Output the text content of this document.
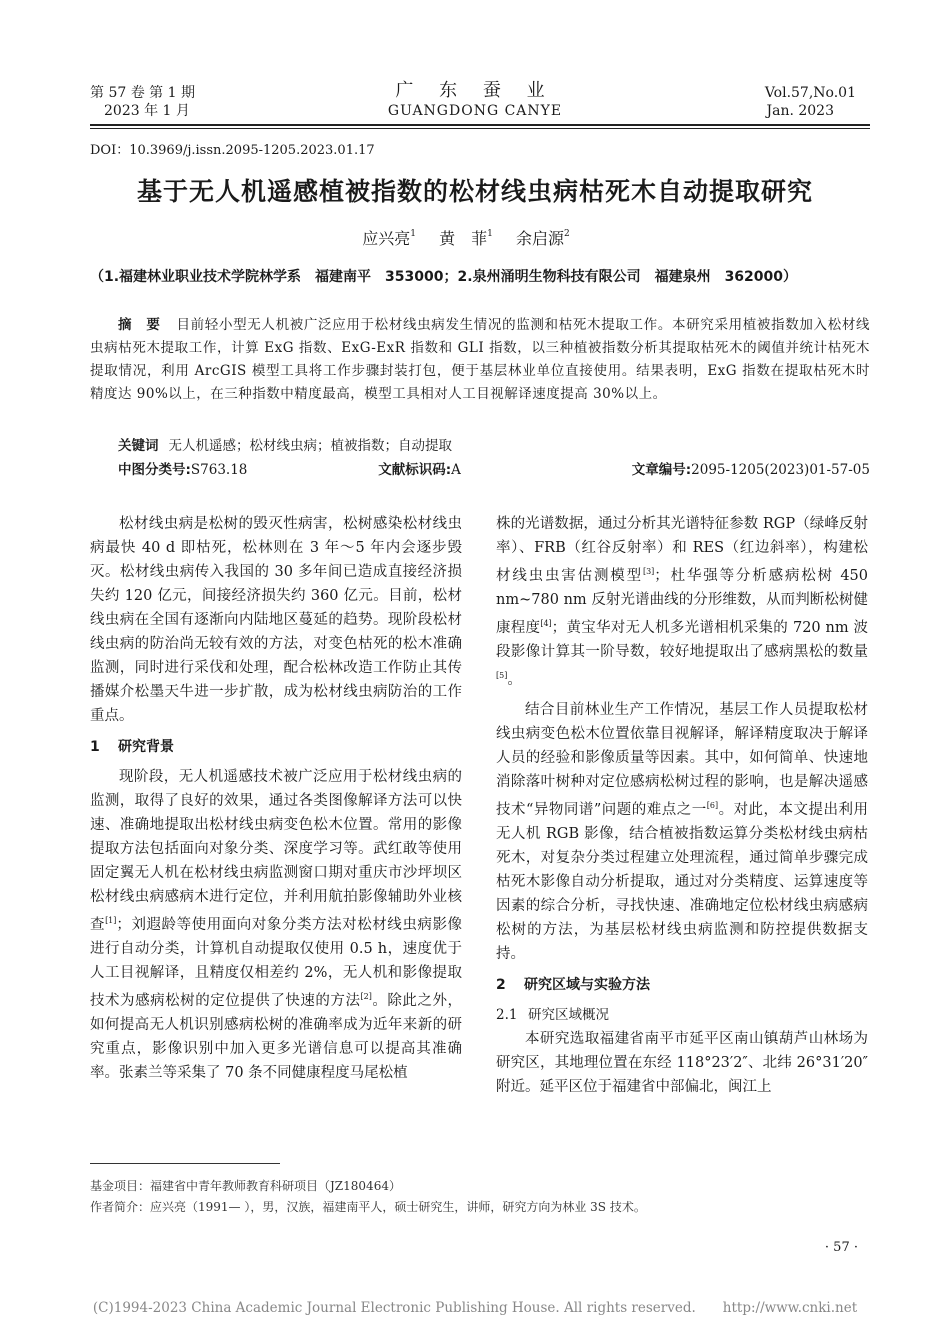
第 57 卷 第 1 期
2023 年 1 月
广 东 蚕 业
GUANGDONG CANYE
Vol.57,No.01
Jan. 2023
DOI：10.3969/j.issn.2095-1205.2023.01.17
基于无人机遥感植被指数的松材线虫病枯死木自动提取研究
应兴亮$^1$ 黄　菲$^1$ 余启源$^2$
（1.福建林业职业技术学院林学系　福建南平　353000；2.泉州涌明生物科技有限公司　福建泉州　362000）
摘　要 目前轻小型无人机被广泛应用于松材线虫病发生情况的监测和枯死木提取工作。本研究采用植被指数加入松材线虫病枯死木提取工作，计算 ExG 指数、ExG-ExR 指数和 GLI 指数，以三种植被指数分析其提取枯死木的阈值并统计枯死木提取情况，利用 ArcGIS 模型工具将工作步骤封装打包，便于基层林业单位直接使用。结果表明，ExG 指数在提取枯死木时精度达 90%以上，在三种指数中精度最高，模型工具相对人工目视解译速度提高 30%以上。
关键词 无人机遥感；松材线虫病；植被指数；自动提取
中图分类号:S763.18	文献标识码:A	文章编号:2095-1205(2023)01-57-05

松材线虫病是松树的毁灭性病害，松树感染松材线虫病最快 40 d 即枯死，松林则在 3 年～5 年内会逐步毁灭。松材线虫病传入我国的 30 多年间已造成直接经济损失约 120 亿元，间接经济损失约 360 亿元。目前，松材线虫病在全国有逐渐向内陆地区蔓延的趋势。现阶段松材线虫病的防治尚无较有效的方法，对变色枯死的松木准确监测，同时进行采伐和处理，配合松林改造工作防止其传播媒介松墨天牛进一步扩散，成为松材线虫病防治的工作重点。

1 研究背景

现阶段，无人机遥感技术被广泛应用于松材线虫病的监测，取得了良好的效果，通过各类图像解译方法可以快速、准确地提取出松材线虫病变色松木位置。常用的影像提取方法包括面向对象分类、深度学习等。武红敢等使用固定翼无人机在松材线虫病监测窗口期对重庆市沙坪坝区松材线虫病感病木进行定位，并利用航拍影像辅助外业核查[1]；刘遐龄等使用面向对象分类方法对松材线虫病影像进行自动分类，计算机自动提取仅使用 0.5 h，速度优于人工目视解译，且精度仅相差约 2%，无人机和影像提取技术为感病松树的定位提供了快速的方法[2]。除此之外，如何提高无人机识别感病松树的准确率成为近年来新的研究重点，影像识别中加入更多光谱信息可以提高其准确率。张素兰等采集了 70 条不同健康程度马尾松植

株的光谱数据，通过分析其光谱特征参数 RGP（绿峰反射率）、FRB（红谷反射率）和 RES（红边斜率），构建松材线虫虫害估测模型[3]；杜华强等分析感病松树 450 nm~780 nm 反射光谱曲线的分形维数，从而判断松树健康程度[4]；黄宝华对无人机多光谱相机采集的 720 nm 波段影像计算其一阶导数，较好地提取出了感病黑松的数量[5]。

结合目前林业生产工作情况，基层工作人员提取松材线虫病变色松木位置依靠目视解译，解译精度取决于解译人员的经验和影像质量等因素。其中，如何简单、快速地消除落叶树种对定位感病松树过程的影响，也是解决遥感技术“异物同谱”问题的难点之一[6]。对此，本文提出利用无人机 RGB 影像，结合植被指数运算分类松材线虫病枯死木，对复杂分类过程建立处理流程，通过简单步骤完成枯死木影像自动分析提取，通过对分类精度、运算速度等因素的综合分析，寻找快速、准确地定位松材线虫病感病松树的方法，为基层松材线虫病监测和防控提供数据支持。

2 研究区域与实验方法
2.1 研究区域概况

本研究选取福建省南平市延平区南山镇葫芦山林场为研究区，其地理位置在东经 118°23′2″、北纬 26°31′20″附近。延平区位于福建省中部偏北，闽江上

基金项目：福建省中青年教师教育科研项目（JZ180464）
作者简介：应兴亮（1991— ），男，汉族，福建南平人，硕士研究生，讲师，研究方向为林业 3S 技术。
· 57 ·
(C)1994-2023 China Academic Journal Electronic Publishing House. All rights reserved.　　http://www.cnki.net
